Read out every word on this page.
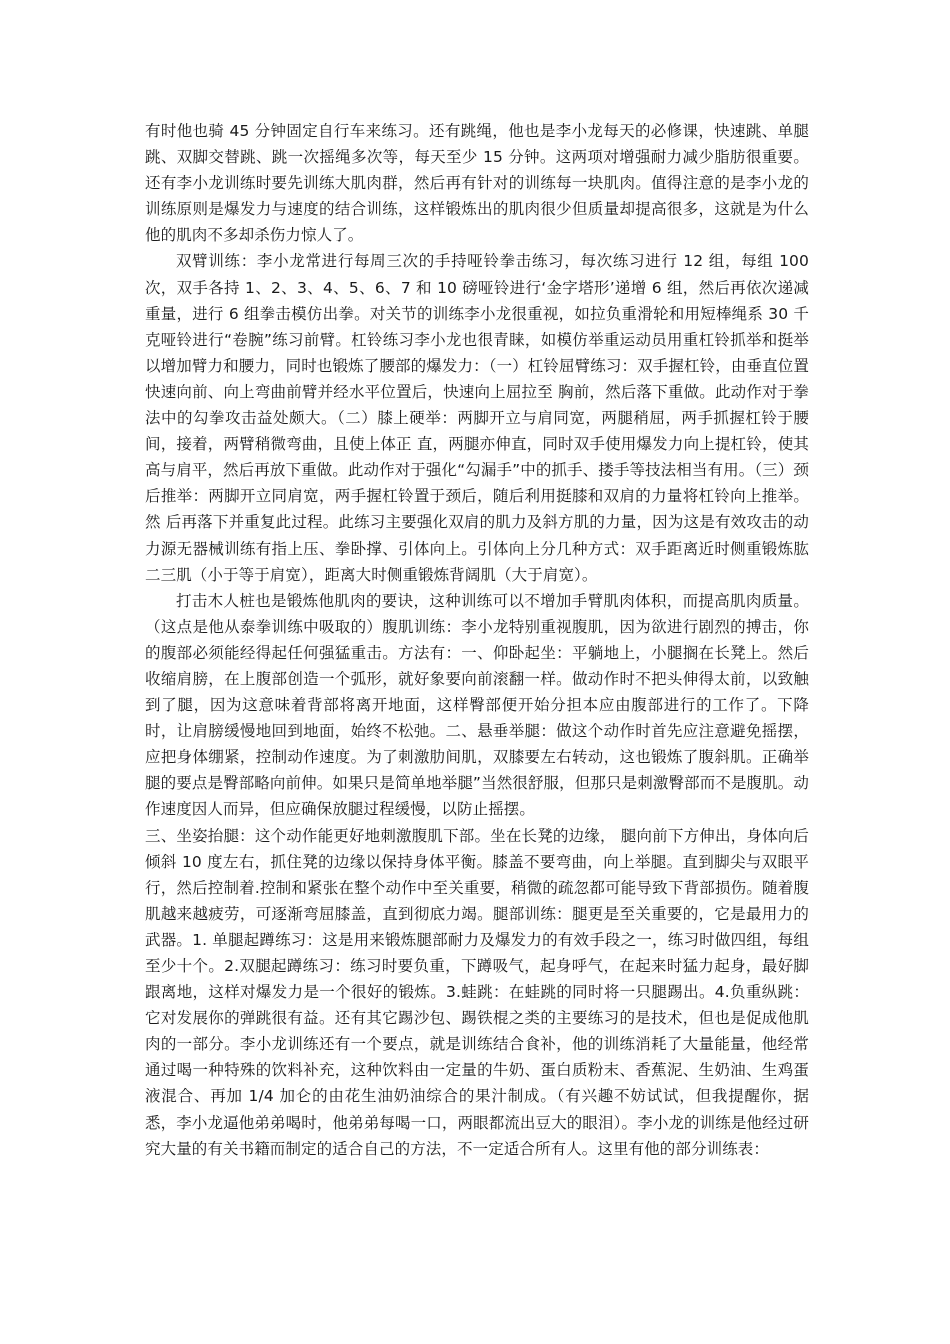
有时他也骑 45 分钟固定自行车来练习。还有跳绳，他也是李小龙每天的必修课，快速跳、单腿跳、双脚交替跳、跳一次摇绳多次等，每天至少 15 分钟。这两项对增强耐力减少脂肪很重要。还有李小龙训练时要先训练大肌肉群，然后再有针对的训练每一块肌肉。值得注意的是李小龙的训练原则是爆发力与速度的结合训练，这样锻炼出的肌肉很少但质量却提高很多，这就是为什么他的肌肉不多却杀伤力惊人了。

双臂训练：李小龙常进行每周三次的手持哑铃拳击练习，每次练习进行 12 组，每组 100 次，双手各持 1、2、3、4、5、6、7 和 10 磅哑铃进行‘金字塔形’递增 6 组，然后再依次递减重量，进行 6 组拳击模仿出拳。对关节的训练李小龙很重视，如拉负重滑轮和用短棒绳系 30 千克哑铃进行“卷腕”练习前臂。杠铃练习李小龙也很青睐，如模仿举重运动员用重杠铃抓举和挺举以增加臂力和腰力，同时也锻炼了腰部的爆发力：（一）杠铃屈臂练习：双手握杠铃，由垂直位置快速向前、向上弯曲前臂并经水平位置后，快速向上屈拉至 胸前，然后落下重做。此动作对于拳法中的勾拳攻击益处颇大。（二）膝上硬举：两脚开立与肩同宽，两腿稍屈，两手抓握杠铃于腰间，接着，两臂稍微弯曲，且使上体正 直，两腿亦伸直，同时双手使用爆发力向上提杠铃，使其高与肩平，然后再放下重做。此动作对于强化“勾漏手”中的抓手、搂手等技法相当有用。（三）颈后推举：两脚开立同肩宽，两手握杠铃置于颈后，随后利用挺膝和双肩的力量将杠铃向上推举。然 后再落下并重复此过程。此练习主要强化双肩的肌力及斜方肌的力量，因为这是有效攻击的动力源无器械训练有指上压、拳卧撑、引体向上。引体向上分几种方式：双手距离近时侧重锻炼肱二三肌（小于等于肩宽），距离大时侧重锻炼背阔肌（大于肩宽）。

打击木人桩也是锻炼他肌肉的要诀，这种训练可以不增加手臂肌肉体积，而提高肌肉质量。（这点是他从泰拳训练中吸取的）腹肌训练：李小龙特别重视腹肌，因为欲进行剧烈的搏击，你的腹部必须能经得起任何强猛重击。方法有：一、仰卧起坐：平躺地上，小腿搁在长凳上。然后收缩肩膀，在上腹部创造一个弧形，就好象要向前滚翻一样。做动作时不把头伸得太前，以致触到了腿，因为这意味着背部将离开地面，这样臀部便开始分担本应由腹部进行的工作了。下降时，让肩膀缓慢地回到地面，始终不松弛。二、悬垂举腿：做这个动作时首先应注意避免摇摆，应把身体绷紧，控制动作速度。为了刺激肋间肌，双膝要左右转动，这也锻炼了腹斜肌。正确举腿的要点是臀部略向前伸。如果只是简单地举腿”当然很舒服，但那只是刺激臀部而不是腹肌。动作速度因人而异，但应确保放腿过程缓慢，以防止摇摆。

三、坐姿抬腿：这个动作能更好地刺激腹肌下部。坐在长凳的边缘， 腿向前下方伸出，身体向后倾斜 10 度左右，抓住凳的边缘以保持身体平衡。膝盖不要弯曲，向上举腿。直到脚尖与双眼平行，然后控制着.控制和紧张在整个动作中至关重要，稍微的疏忽都可能导致下背部损伤。随着腹肌越来越疲劳，可逐渐弯屈膝盖，直到彻底力竭。腿部训练：腿更是至关重要的，它是最用力的武器。1. 单腿起蹲练习：这是用来锻炼腿部耐力及爆发力的有效手段之一，练习时做四组，每组至少十个。2.双腿起蹲练习：练习时要负重，下蹲吸气，起身呼气，在起来时猛力起身，最好脚跟离地，这样对爆发力是一个很好的锻炼。3.蛙跳：在蛙跳的同时将一只腿踢出。4.负重纵跳：它对发展你的弹跳很有益。还有其它踢沙包、踢铁棍之类的主要练习的是技术，但也是促成他肌肉的一部分。李小龙训练还有一个要点，就是训练结合食补，他的训练消耗了大量能量，他经常通过喝一种特殊的饮料补充，这种饮料由一定量的牛奶、蛋白质粉末、香蕉泥、生奶油、生鸡蛋液混合、再加 1/4 加仑的由花生油奶油综合的果汁制成。（有兴趣不妨试试，但我提醒你，据悉，李小龙逼他弟弟喝时，他弟弟每喝一口，两眼都流出豆大的眼泪）。李小龙的训练是他经过研究大量的有关书籍而制定的适合自己的方法，不一定适合所有人。这里有他的部分训练表：
